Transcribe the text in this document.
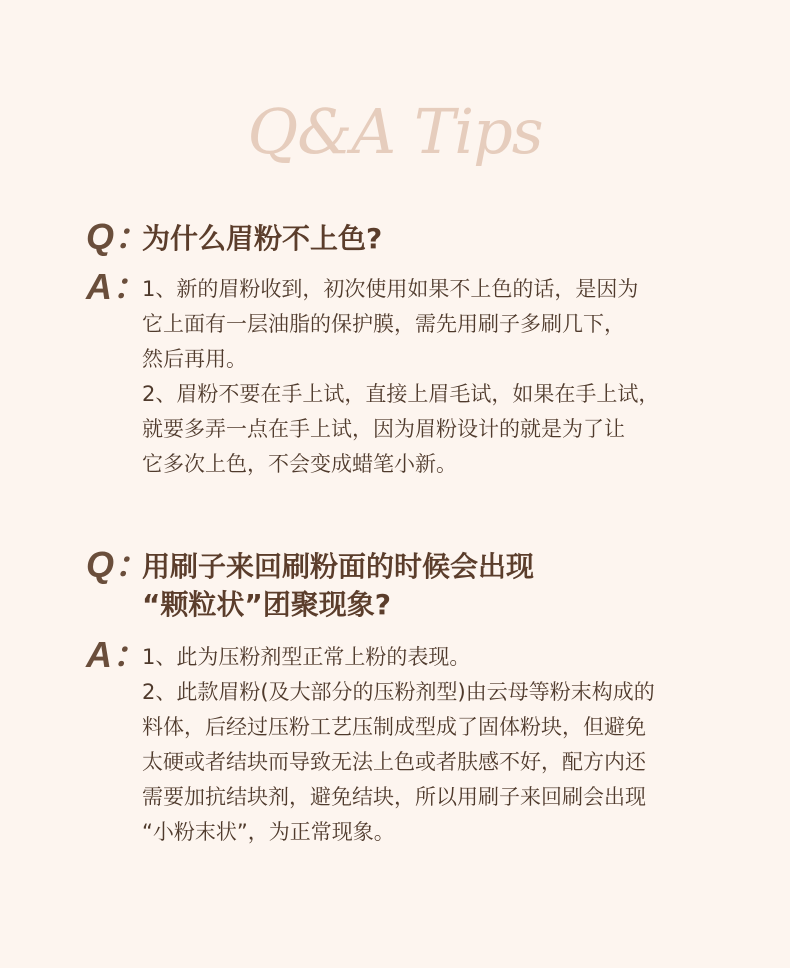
Q&A Tips
Q：
为什么眉粉不上色?
A：
1、新的眉粉收到，初次使用如果不上色的话，是因为
它上面有一层油脂的保护膜，需先用刷子多刷几下，
然后再用。
2、眉粉不要在手上试，直接上眉毛试，如果在手上试，
就要多弄一点在手上试，因为眉粉设计的就是为了让
它多次上色，不会变成蜡笔小新。
Q：
用刷子来回刷粉面的时候会出现
“颗粒状”团聚现象?
A：
1、此为压粉剂型正常上粉的表现。
2、此款眉粉(及大部分的压粉剂型)由云母等粉末构成的
料体，后经过压粉工艺压制成型成了固体粉块，但避免
太硬或者结块而导致无法上色或者肤感不好，配方内还
需要加抗结块剂，避免结块，所以用刷子来回刷会出现
“小粉末状”，为正常现象。
